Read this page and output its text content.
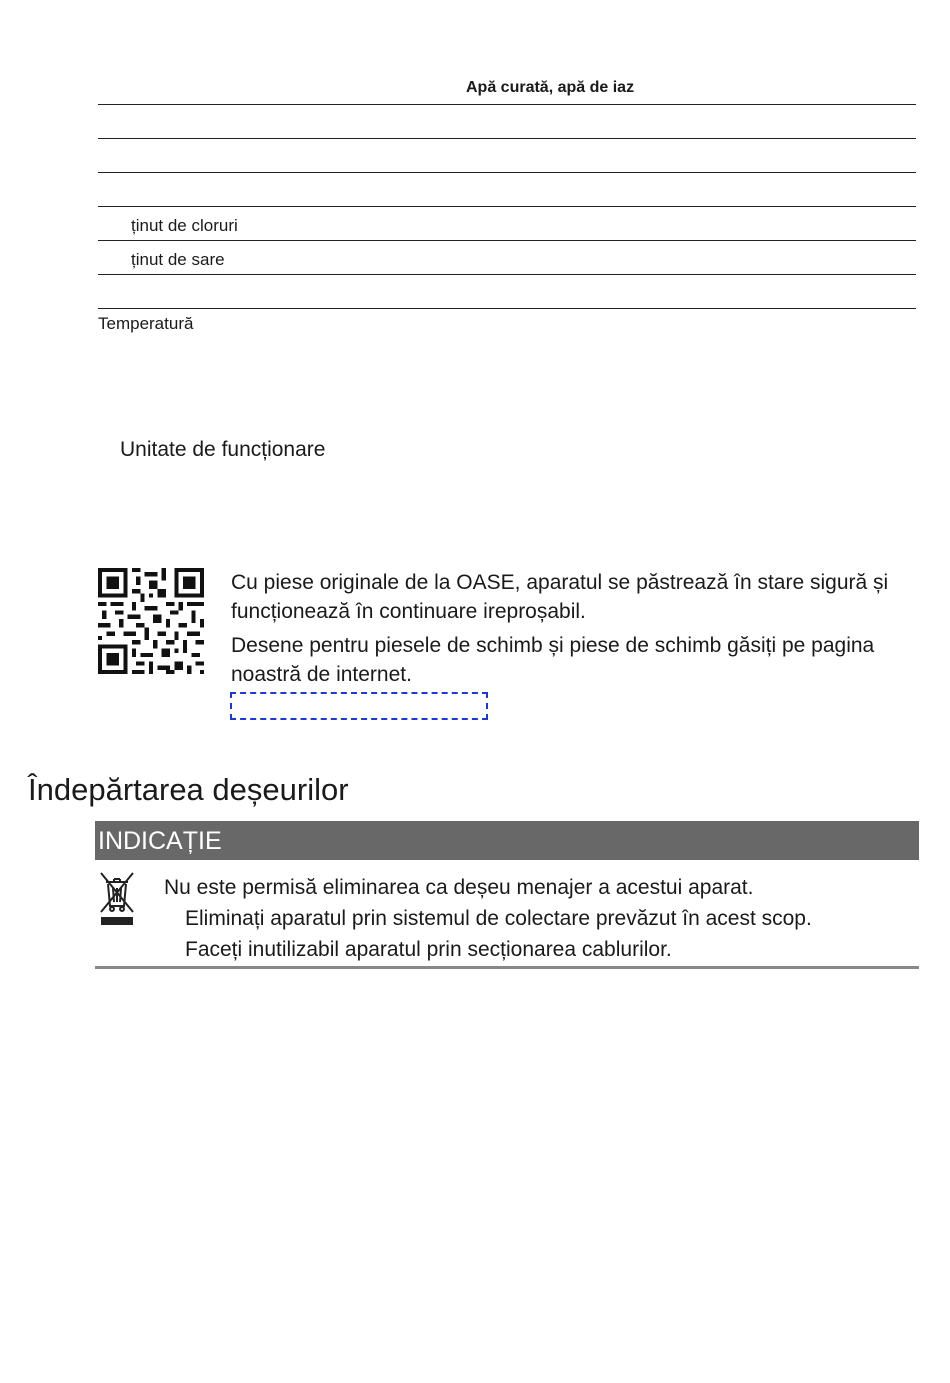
Apă curată, apă de iaz
ținut de cloruri
ținut de sare
Temperatură
Unitate de funcționare

Cu piese originale de la OASE, aparatul se păstrează în stare sigură și funcționează în continuare ireproșabil.

Desene pentru piesele de schimb și piese de schimb găsiți pe pagina noastră de internet.

Îndepărtarea deșeurilor
INDICAȚIE
Nu este permisă eliminarea ca deșeu menajer a acestui aparat.
Eliminați aparatul prin sistemul de colectare prevăzut în acest scop.
Faceți inutilizabil aparatul prin secționarea cablurilor.
